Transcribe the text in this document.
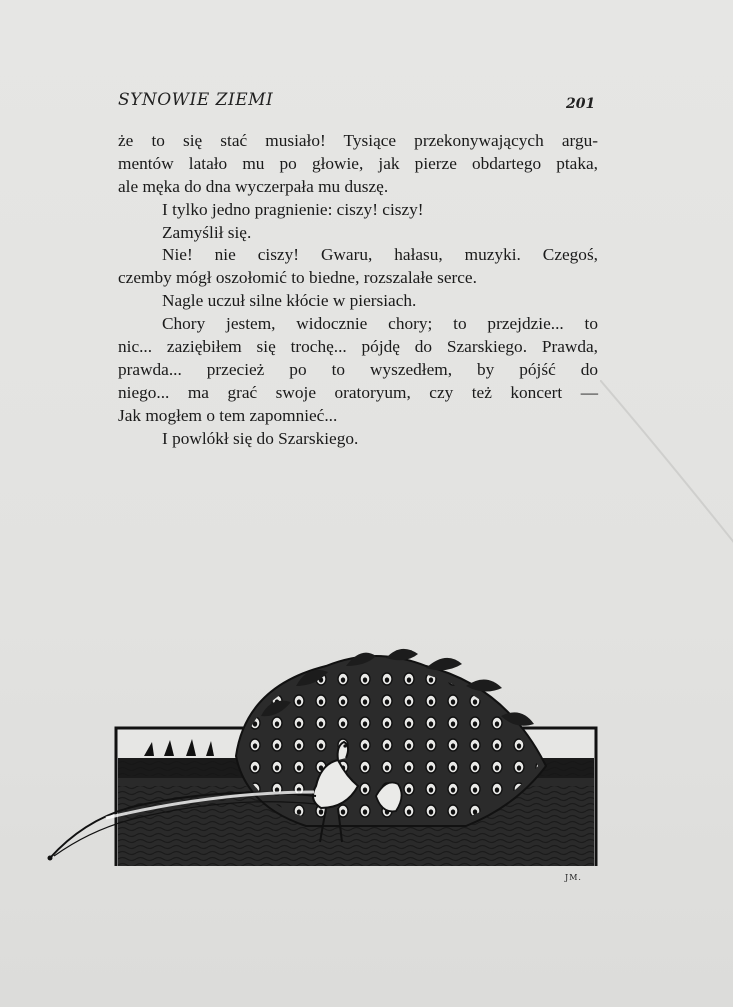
SYNOWIE ZIEMI	201
że to się stać musiało! Tysiące przekonywających argu-
mentów latało mu po głowie, jak pierze obdartego ptaka,
ale męka do dna wyczerpała mu duszę.
I tylko jedno pragnienie: ciszy! ciszy!
Zamyślił się.
Nie! nie ciszy! Gwaru, hałasu, muzyki. Czegoś,
czemby mógł oszołomić to biedne, rozszalałe serce.
Nagle uczuł silne kłócie w piersiach.
Chory jestem, widocznie chory; to przejdzie... to
nic... zaziębiłem się trochę... pójdę do Szarskiego. Prawda,
prawda... przecież po to wyszedłem, by pójść do
niego... ma grać swoje oratoryum, czy też koncert —
Jak mogłem o tem zapomnieć...
I powlókł się do Szarskiego.
JM.
